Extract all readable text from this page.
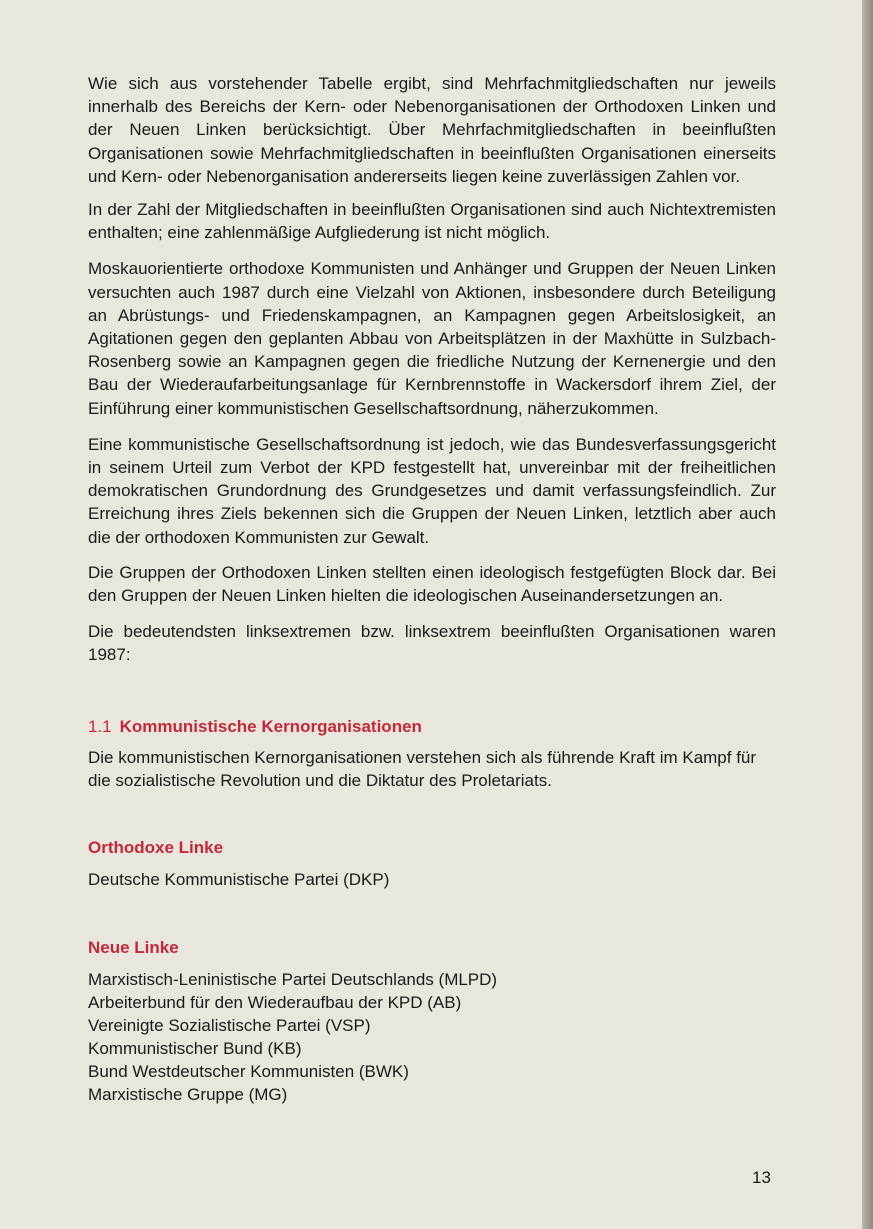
Wie sich aus vorstehender Tabelle ergibt, sind Mehrfachmitgliedschaften nur jeweils innerhalb des Bereichs der Kern- oder Nebenorganisationen der Orthodoxen Linken und der Neuen Linken berücksichtigt. Über Mehrfachmitgliedschaften in beeinflußten Organisationen sowie Mehrfachmitgliedschaften in beeinflußten Organisationen einerseits und Kern- oder Nebenorganisation andererseits liegen keine zuverlässigen Zahlen vor.

In der Zahl der Mitgliedschaften in beeinflußten Organisationen sind auch Nichtextremisten enthalten; eine zahlenmäßige Aufgliederung ist nicht möglich.

Moskauorientierte orthodoxe Kommunisten und Anhänger und Gruppen der Neuen Linken versuchten auch 1987 durch eine Vielzahl von Aktionen, insbesondere durch Beteiligung an Abrüstungs- und Friedenskampagnen, an Kampagnen gegen Arbeitslosigkeit, an Agitationen gegen den geplanten Abbau von Arbeitsplätzen in der Maxhütte in Sulzbach-Rosenberg sowie an Kampagnen gegen die friedliche Nutzung der Kernenergie und den Bau der Wiederaufarbeitungsanlage für Kernbrennstoffe in Wackersdorf ihrem Ziel, der Einführung einer kommunistischen Gesellschaftsordnung, näherzukommen.

Eine kommunistische Gesellschaftsordnung ist jedoch, wie das Bundesverfassungsgericht in seinem Urteil zum Verbot der KPD festgestellt hat, unvereinbar mit der freiheitlichen demokratischen Grundordnung des Grundgesetzes und damit verfassungsfeindlich. Zur Erreichung ihres Ziels bekennen sich die Gruppen der Neuen Linken, letztlich aber auch die der orthodoxen Kommunisten zur Gewalt.

Die Gruppen der Orthodoxen Linken stellten einen ideologisch festgefügten Block dar. Bei den Gruppen der Neuen Linken hielten die ideologischen Auseinandersetzungen an.

Die bedeutendsten linksextremen bzw. linksextrem beeinflußten Organisationen waren 1987:

1.1 Kommunistische Kernorganisationen

Die kommunistischen Kernorganisationen verstehen sich als führende Kraft im Kampf für die sozialistische Revolution und die Diktatur des Proletariats.

Orthodoxe Linke

Deutsche Kommunistische Partei (DKP)

Neue Linke
Marxistisch-Leninistische Partei Deutschlands (MLPD)
Arbeiterbund für den Wiederaufbau der KPD (AB)
Vereinigte Sozialistische Partei (VSP)
Kommunistischer Bund (KB)
Bund Westdeutscher Kommunisten (BWK)
Marxistische Gruppe (MG)
13
